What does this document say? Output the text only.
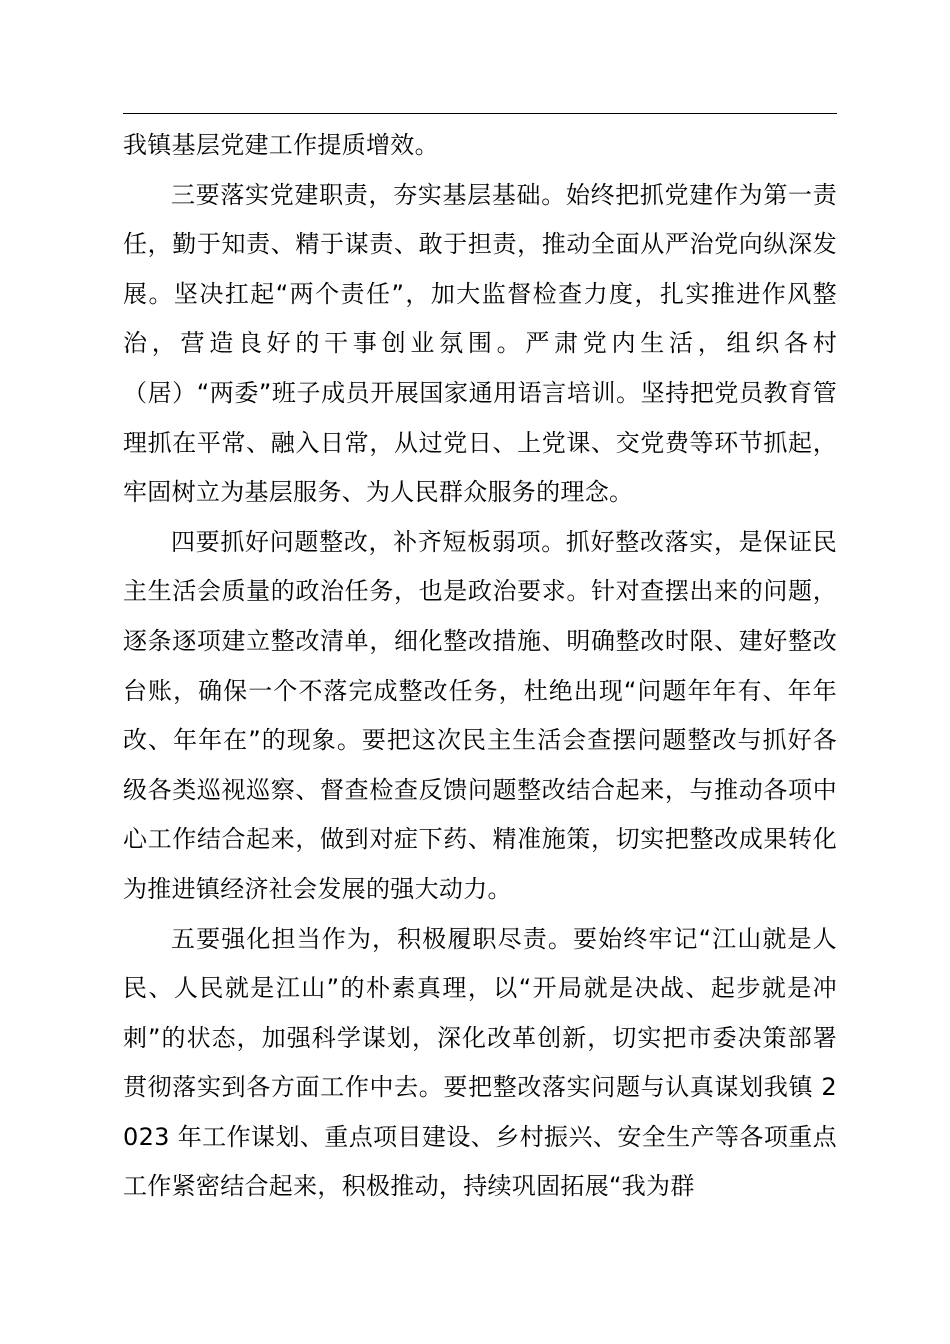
我镇基层党建工作提质增效。

三要落实党建职责，夯实基层基础。始终把抓党建作为第一责任，勤于知责、精于谋责、敢于担责，推动全面从严治党向纵深发展。坚决扛起“两个责任”，加大监督检查力度，扎实推进作风整治，营造良好的干事创业氛围。严肃党内生活，组织各村（居）“两委”班子成员开展国家通用语言培训。坚持把党员教育管理抓在平常、融入日常，从过党日、上党课、交党费等环节抓起，牢固树立为基层服务、为人民群众服务的理念。

四要抓好问题整改，补齐短板弱项。抓好整改落实，是保证民主生活会质量的政治任务，也是政治要求。针对查摆出来的问题，逐条逐项建立整改清单，细化整改措施、明确整改时限、建好整改台账，确保一个不落完成整改任务，杜绝出现“问题年年有、年年改、年年在”的现象。要把这次民主生活会查摆问题整改与抓好各级各类巡视巡察、督查检查反馈问题整改结合起来，与推动各项中心工作结合起来，做到对症下药、精准施策，切实把整改成果转化为推进镇经济社会发展的强大动力。

五要强化担当作为，积极履职尽责。要始终牢记“江山就是人民、人民就是江山”的朴素真理，以“开局就是决战、起步就是冲刺”的状态，加强科学谋划，深化改革创新，切实把市委决策部署贯彻落实到各方面工作中去。要把整改落实问题与认真谋划我镇 2023 年工作谋划、重点项目建设、乡村振兴、安全生产等各项重点工作紧密结合起来，积极推动，持续巩固拓展“我为群
